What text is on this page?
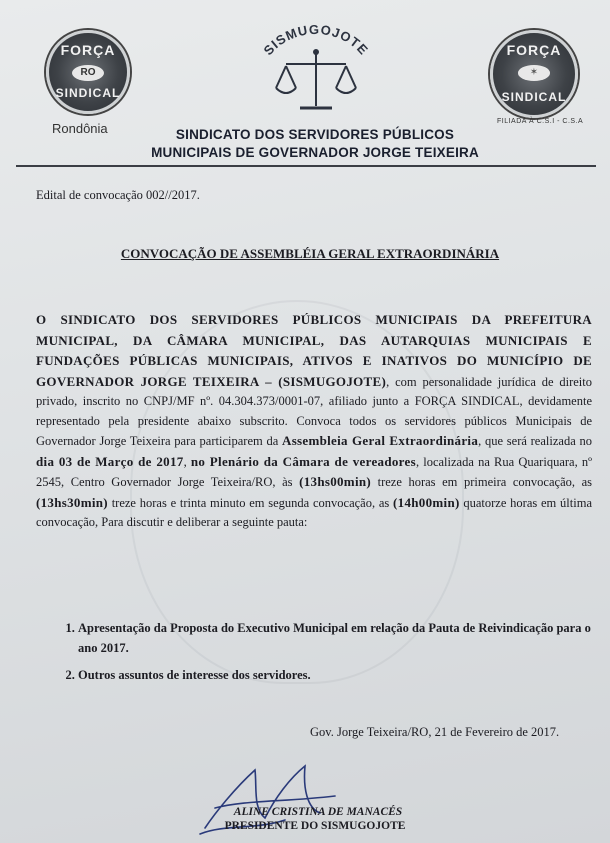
FORÇA
RO
SINDICAL
Rondônia
SISMUGOJOTE	FORÇA
✶
SINDICAL
FILIADA À C.S.I - C.S.A
SINDICATO DOS SERVIDORES PÚBLICOS
MUNICIPAIS DE GOVERNADOR JORGE TEIXEIRA
Edital de convocação 002//2017.
CONVOCAÇÃO DE ASSEMBLÉIA GERAL EXTRAORDINÁRIA
O SINDICATO DOS SERVIDORES PÚBLICOS MUNICIPAIS DA PREFEITURA MUNICIPAL, DA CÂMARA MUNICIPAL, DAS AUTARQUIAS MUNICIPAIS E FUNDAÇÕES PÚBLICAS MUNICIPAIS, ATIVOS E INATIVOS DO MUNICÍPIO DE GOVERNADOR JORGE TEIXEIRA – (SISMUGOJOTE), com personalidade jurídica de direito privado, inscrito no CNPJ/MF nº. 04.304.373/0001-07, afiliado junto a FORÇA SINDICAL, devidamente representado pela presidente abaixo subscrito. Convoca todos os servidores públicos Municipais de Governador Jorge Teixeira para participarem da Assembleia Geral Extraordinária, que será realizada no dia 03 de Março de 2017, no Plenário da Câmara de vereadores, localizada na Rua Quariquara, nº 2545, Centro Governador Jorge Teixeira/RO, às (13hs00min) treze horas em primeira convocação, as (13hs30min) treze horas e trinta minuto em segunda convocação, as (14h00min) quatorze horas em última convocação, Para discutir e deliberar a seguinte pauta:
1. Apresentação da Proposta do Executivo Municipal em relação da Pauta de Reivindicação para o ano 2017.
2. Outros assuntos de interesse dos servidores.
Gov. Jorge Teixeira/RO, 21 de Fevereiro de 2017.
ALINE CRISTINA DE MANACÉS
PRESIDENTE DO SISMUGOJOTE
